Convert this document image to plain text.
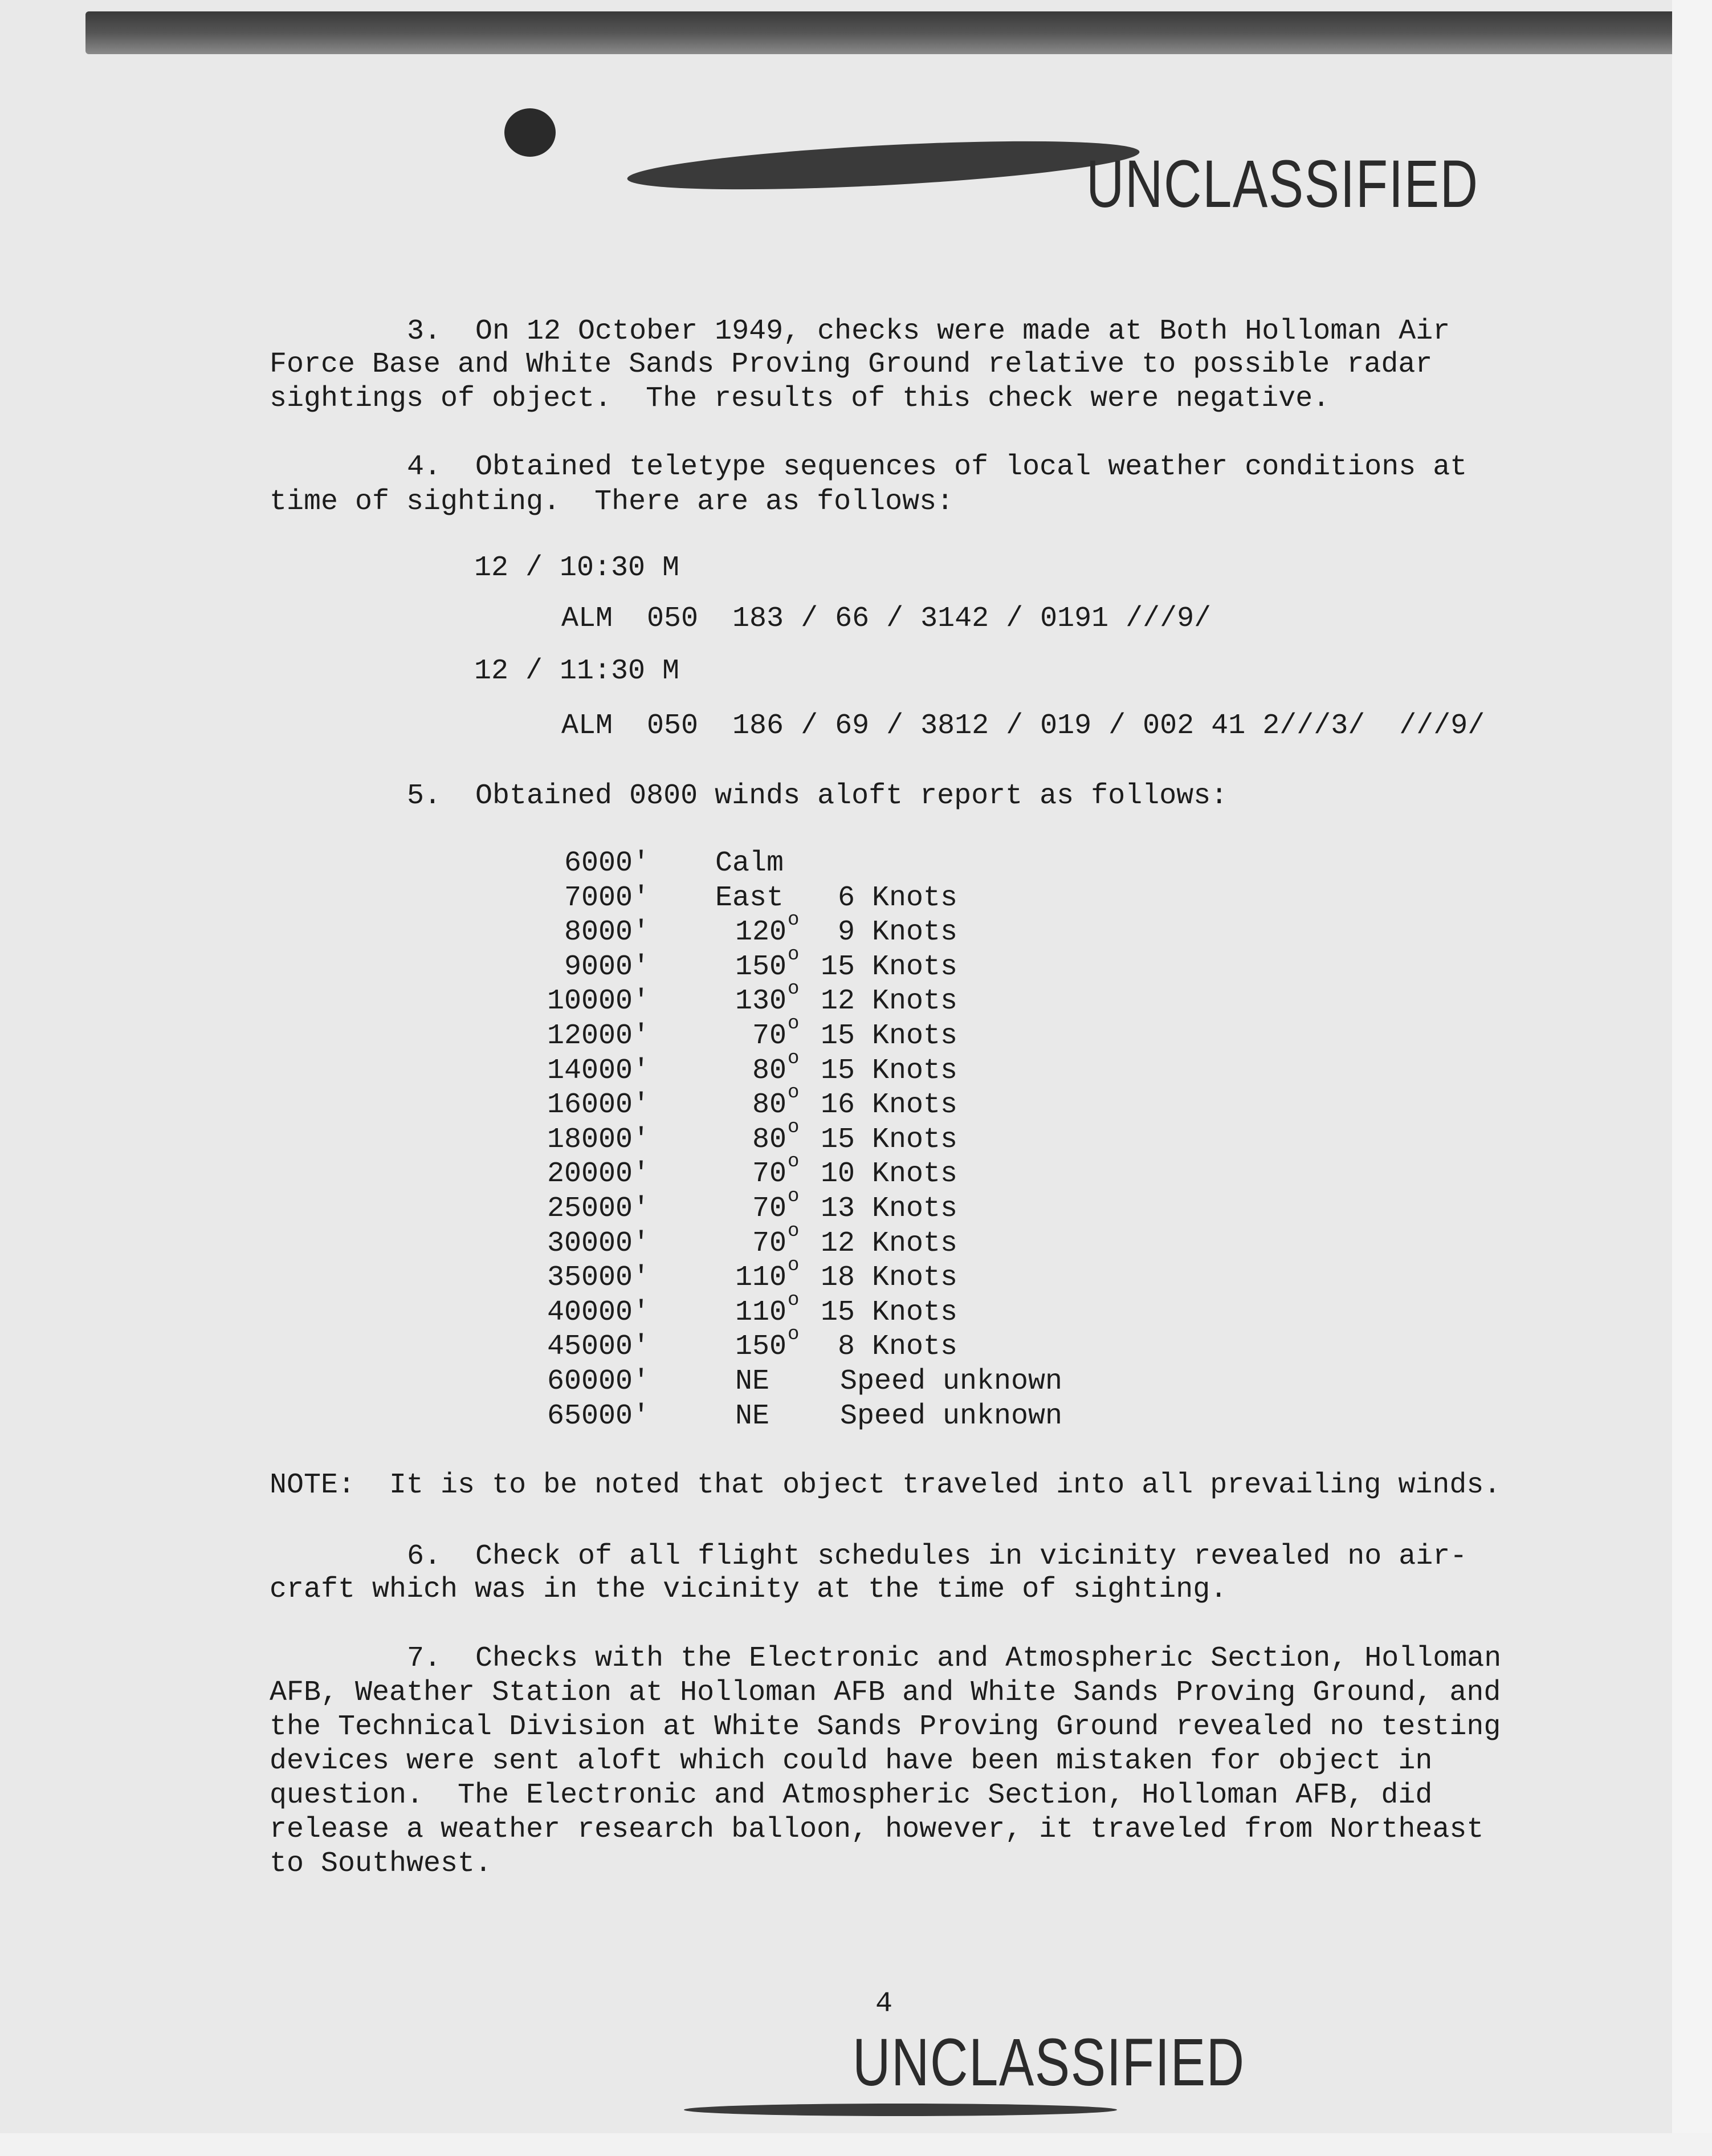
UNCLASSIFIED
3.  On 12 October 1949, checks were made at Both Holloman Air
Force Base and White Sands Proving Ground relative to possible radar
sightings of object.  The results of this check were negative.
4.  Obtained teletype sequences of local weather conditions at
time of sighting.  There are as follows:
12 / 10:30 M
ALM  050  183 / 66 / 3142 / 0191 ///9/
12 / 11:30 M
ALM  050  186 / 69 / 3812 / 019 / 002 41 2///3/  ///9/
5.  Obtained 0800 winds aloft report as follows:
6000' Calm
7000' East	6 Knots
8000'	120 o	9 Knots
9000'	150 o 15 Knots
10000'	130 o 12 Knots
12000'	70 o 15 Knots
14000'	80 o 15 Knots
16000'	80 o 16 Knots
18000'	80 o 15 Knots
20000'	70 o 10 Knots
25000'	70 o 13 Knots
30000'	70 o 12 Knots
35000'	110 o 18 Knots
40000'	110 o 15 Knots
45000'	150 o	8 Knots
60000'	NE Speed unknown
65000'	NE Speed unknown
NOTE:  It is to be noted that object traveled into all prevailing winds.
6.  Check of all flight schedules in vicinity revealed no air-
craft which was in the vicinity at the time of sighting.
7.  Checks with the Electronic and Atmospheric Section, Holloman
AFB, Weather Station at Holloman AFB and White Sands Proving Ground, and
the Technical Division at White Sands Proving Ground revealed no testing
devices were sent aloft which could have been mistaken for object in
question.  The Electronic and Atmospheric Section, Holloman AFB, did
release a weather research balloon, however, it traveled from Northeast
to Southwest.
4
UNCLASSIFIED
